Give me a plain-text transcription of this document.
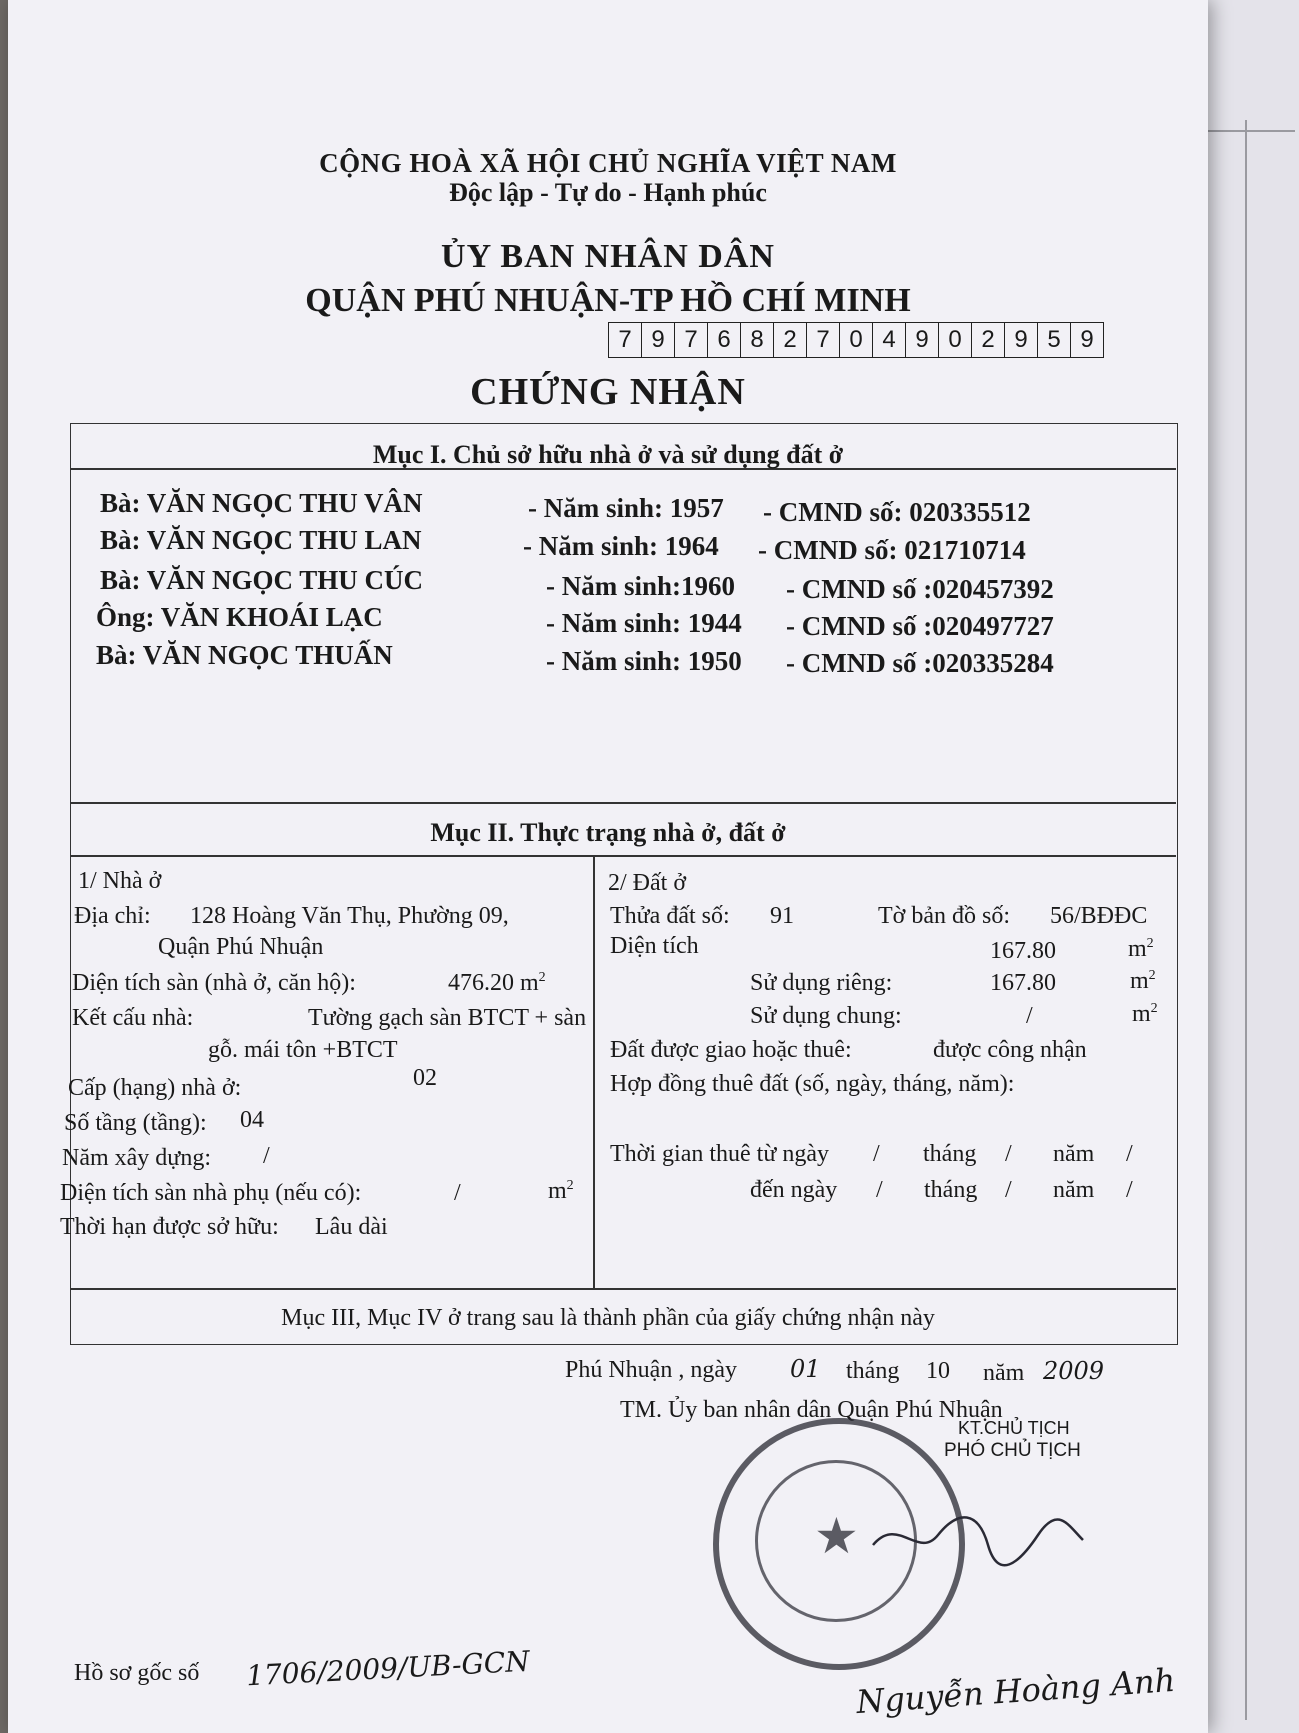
CỘNG HOÀ XÃ HỘI CHỦ NGHĨA VIỆT NAM
Độc lập - Tự do - Hạnh phúc
ỦY BAN NHÂN DÂN
QUẬN PHÚ NHUẬN-TP HỒ CHÍ MINH
7 9 7 6 8 2 7 0 4 9 0 2 9 5 9
CHỨNG NHẬN
Mục I. Chủ sở hữu nhà ở và sử dụng đất ở
Bà: VĂN NGỌC THU VÂN	- Năm sinh: 1957 - CMND số: 020335512
Bà: VĂN NGỌC THU LAN	- Năm sinh: 1964 - CMND số: 021710714
Bà: VĂN NGỌC THU CÚC	- Năm sinh:1960 - CMND số :020457392
Ông: VĂN KHOÁI LẠC	- Năm sinh: 1944 - CMND số :020497727
Bà: VĂN NGỌC THUẤN	- Năm sinh: 1950 - CMND số :020335284
Mục II. Thực trạng nhà ở, đất ở
1/ Nhà ở
Địa chỉ: 128 Hoàng Văn Thụ, Phường 09,
Quận Phú Nhuận
Diện tích sàn (nhà ở, căn hộ):	476.20 $m^2$
Kết cấu nhà:	Tường gạch sàn BTCT + sàn
gỗ. mái tôn +BTCT
Cấp (hạng) nhà ở:	02
Số tầng (tầng): 04
Năm xây dựng: /
Diện tích sàn nhà phụ (nếu có):	/	$m^2$
Thời hạn được sở hữu: Lâu dài
2/ Đất ở
Thửa đất số: 91	Tờ bản đồ số: 56/BĐĐC
Diện tích	167.80	$m^2$
Sử dụng riêng:	167.80	$m^2$
Sử dụng chung:	/	$m^2$
Đất được giao hoặc thuê:	được công nhận
Hợp đồng thuê đất (số, ngày, tháng, năm):
Thời gian thuê từ ngày / tháng / năm /
đến ngày / tháng / năm /
Mục III, Mục IV ở trang sau là thành phần của giấy chứng nhận này
Phú Nhuận , ngày 01 tháng 10 năm 2009
TM. Ủy ban nhân dân Quận Phú Nhuận
KT.CHỦ TỊCH
PHÓ CHỦ TỊCH
★
Nguyễn Hoàng Anh
Hồ sơ gốc số 1706/2009/UB-GCN
